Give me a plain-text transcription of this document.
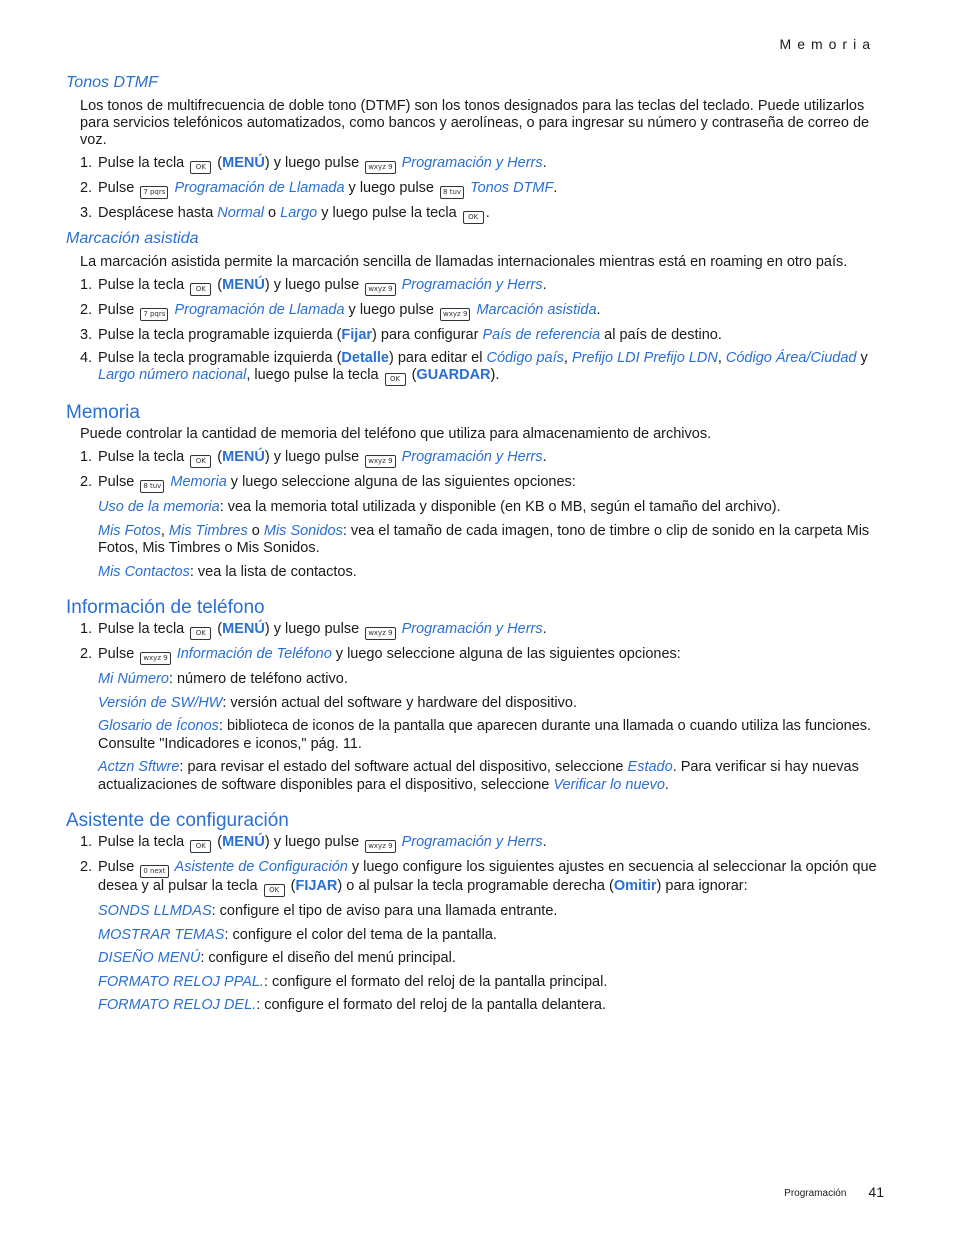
Memoria
Tonos DTMF

Los tonos de multifrecuencia de doble tono (DTMF) son los tonos designados para las teclas del teclado. Puede utilizarlos para servicios telefónicos automatizados, como bancos y aerolíneas, o para ingresar su número y contraseña de correo de voz.

1. Pulse la tecla OK (MENÚ) y luego pulse wxyz 9 Programación y Herrs.
2. Pulse 7 pqrs Programación de Llamada y luego pulse 8 tuv Tonos DTMF.
3. Desplácese hasta Normal o Largo y luego pulse la tecla OK .
Marcación asistida

La marcación asistida permite la marcación sencilla de llamadas internacionales mientras está en roaming en otro país.

1. Pulse la tecla OK (MENÚ) y luego pulse wxyz 9 Programación y Herrs.
2. Pulse 7 pqrs Programación de Llamada y luego pulse wxyz 9 Marcación asistida.
3. Pulse la tecla programable izquierda (Fijar) para configurar País de referencia al país de destino.
4. Pulse la tecla programable izquierda (Detalle) para editar el Código país, Prefijo LDI Prefijo LDN, Código Área/Ciudad y Largo número nacional, luego pulse la tecla OK (GUARDAR).
Memoria

Puede controlar la cantidad de memoria del teléfono que utiliza para almacenamiento de archivos.

1. Pulse la tecla OK (MENÚ) y luego pulse wxyz 9 Programación y Herrs.
2. Pulse 8 tuv Memoria y luego seleccione alguna de las siguientes opciones:
Uso de la memoria: vea la memoria total utilizada y disponible (en KB o MB, según el tamaño del archivo).
Mis Fotos, Mis Timbres o Mis Sonidos: vea el tamaño de cada imagen, tono de timbre o clip de sonido en la carpeta Mis Fotos, Mis Timbres o Mis Sonidos.
Mis Contactos: vea la lista de contactos.
Información de teléfono
1. Pulse la tecla OK (MENÚ) y luego pulse wxyz 9 Programación y Herrs.
2. Pulse wxyz 9 Información de Teléfono y luego seleccione alguna de las siguientes opciones:
Mi Número: número de teléfono activo.
Versión de SW/HW: versión actual del software y hardware del dispositivo.
Glosario de Íconos: biblioteca de iconos de la pantalla que aparecen durante una llamada o cuando utiliza las funciones. Consulte "Indicadores e iconos," pág. 11.
Actzn Sftwre: para revisar el estado del software actual del dispositivo, seleccione Estado. Para verificar si hay nuevas actualizaciones de software disponibles para el dispositivo, seleccione Verificar lo nuevo.
Asistente de configuración
1. Pulse la tecla OK (MENÚ) y luego pulse wxyz 9 Programación y Herrs.
2. Pulse 0 next Asistente de Configuración y luego configure los siguientes ajustes en secuencia al seleccionar la opción que desea y al pulsar la tecla OK (FIJAR) o al pulsar la tecla programable derecha (Omitir) para ignorar:
SONDS LLMDAS: configure el tipo de aviso para una llamada entrante.
MOSTRAR TEMAS: configure el color del tema de la pantalla.
DISEÑO MENÚ: configure el diseño del menú principal.
FORMATO RELOJ PPAL.: configure el formato del reloj de la pantalla principal.
FORMATO RELOJ DEL.: configure el formato del reloj de la pantalla delantera.
Programación 41
